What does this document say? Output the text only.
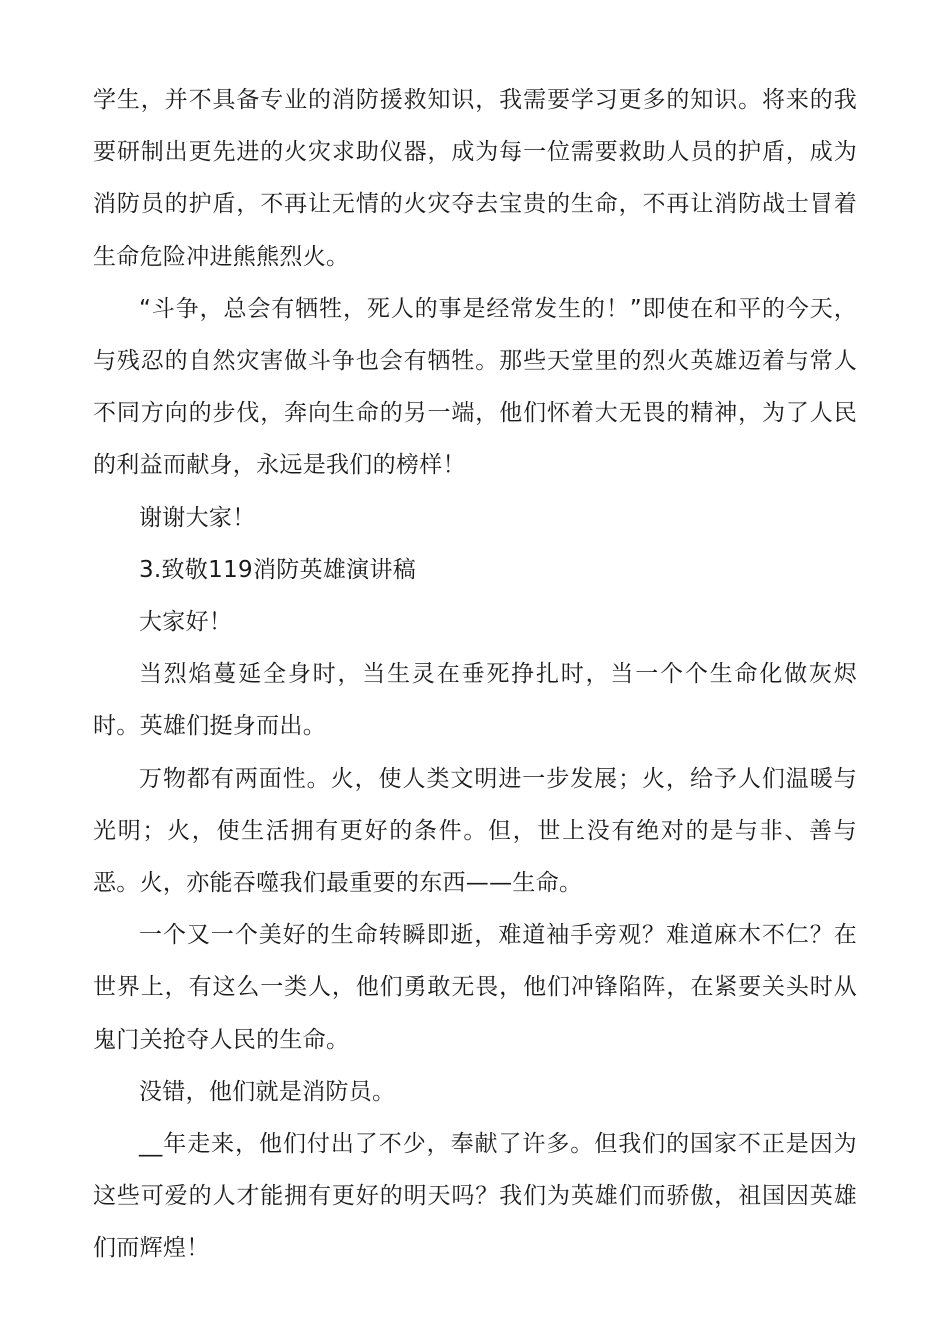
学生，并不具备专业的消防援救知识，我需要学习更多的知识。将来的我要研制出更先进的火灾求助仪器，成为每一位需要救助人员的护盾，成为消防员的护盾，不再让无情的火灾夺去宝贵的生命，不再让消防战士冒着生命危险冲进熊熊烈火。

“斗争，总会有牺牲，死人的事是经常发生的！”即使在和平的今天，与残忍的自然灾害做斗争也会有牺牲。那些天堂里的烈火英雄迈着与常人不同方向的步伐，奔向生命的另一端，他们怀着大无畏的精神，为了人民的利益而献身，永远是我们的榜样！

谢谢大家！

3.致敬119消防英雄演讲稿

大家好！

当烈焰蔓延全身时，当生灵在垂死挣扎时，当一个个生命化做灰烬时。英雄们挺身而出。

万物都有两面性。火，使人类文明进一步发展；火，给予人们温暖与光明；火，使生活拥有更好的条件。但，世上没有绝对的是与非、善与恶。火，亦能吞噬我们最重要的东西——生命。

一个又一个美好的生命转瞬即逝，难道袖手旁观？难道麻木不仁？在世界上，有这么一类人，他们勇敢无畏，他们冲锋陷阵，在紧要关头时从鬼门关抢夺人民的生命。

没错，他们就是消防员。

__年走来，他们付出了不少，奉献了许多。但我们的国家不正是因为这些可爱的人才能拥有更好的明天吗？我们为英雄们而骄傲，祖国因英雄们而辉煌！
